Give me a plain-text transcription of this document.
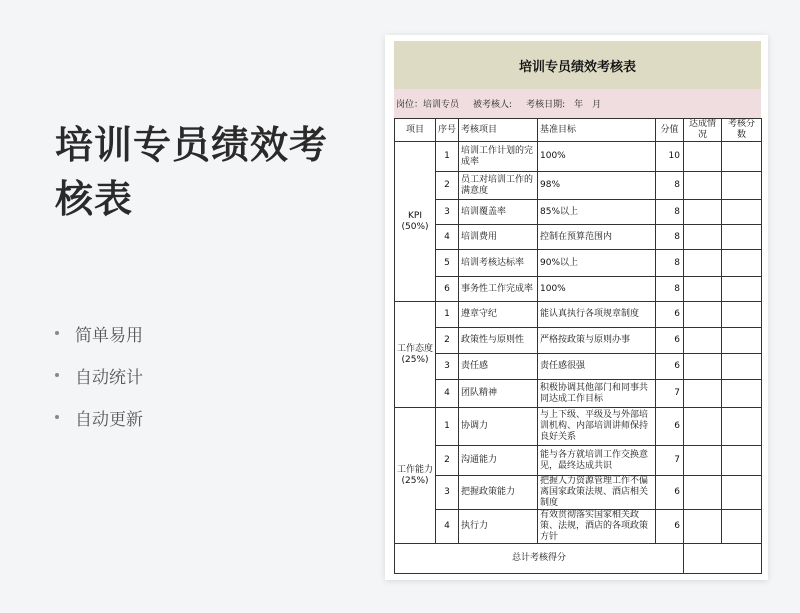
培训专员绩效考核表
简单易用
自动统计
自动更新
培训专员绩效考核表
岗位：培训专员 被考核人: 考核日期:　年　月
项目	序号	考核项目	基准目标	分值	达成情况	考核分数
KPI
(50%)	1	培训工作计划的完成率	100%	10		
	2	员工对培训工作的满意度	98%	8		
	3	培训覆盖率	85%以上	8		
	4	培训费用	控制在预算范围内	8		
	5	培训考核达标率	90%以上	8		
	6	事务性工作完成率	100%	8		
工作态度
(25%)	1	遵章守纪	能认真执行各项规章制度	6		
	2	政策性与原则性	严格按政策与原则办事	6		
	3	责任感	责任感很强	6		
	4	团队精神	积极协调其他部门和同事共同达成工作目标	7		
工作能力
(25%)	1	协调力	与上下级、平级及与外部培训机构、内部培训讲师保持良好关系	6		
	2	沟通能力	能与各方就培训工作交换意见，最终达成共识	7		
	3	把握政策能力	把握人力资源管理工作不偏离国家政策法规、酒店相关制度	6		
	4	执行力	有效贯彻落实国家相关政策、法规，酒店的各项政策方针	6		
总计考核得分						
